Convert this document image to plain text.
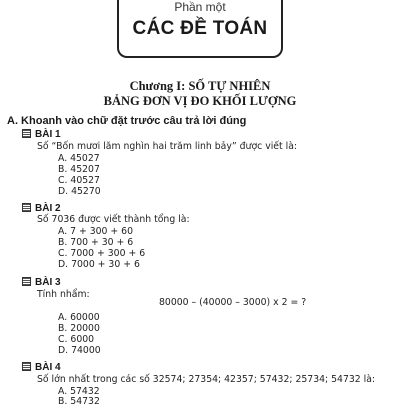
Phần một
CÁC ĐỀ TOÁN
Chương I: SỐ TỰ NHIÊN
BẢNG ĐƠN VỊ ĐO KHỐI LƯỢNG
A. Khoanh vào chữ đặt trước câu trả lời đúng
BÀI 1
Số “Bốn mươi lăm nghìn hai trăm linh bảy” được viết là:
A. 45027
B. 45207
C. 40527
D. 45270
BÀI 2
Số 7036 được viết thành tổng là:
A. 7 + 300 + 60
B. 700 + 30 + 6
C. 7000 + 300 + 6
D. 7000 + 30 + 6
BÀI 3
Tính nhẩm:
80000 – (40000 – 3000) x 2 = ?
A. 60000
B. 20000
C. 6000
D. 74000
BÀI 4
Số lớn nhất trong các số 32574; 27354; 42357; 57432; 25734; 54732 là:
A. 57432
B. 54732
